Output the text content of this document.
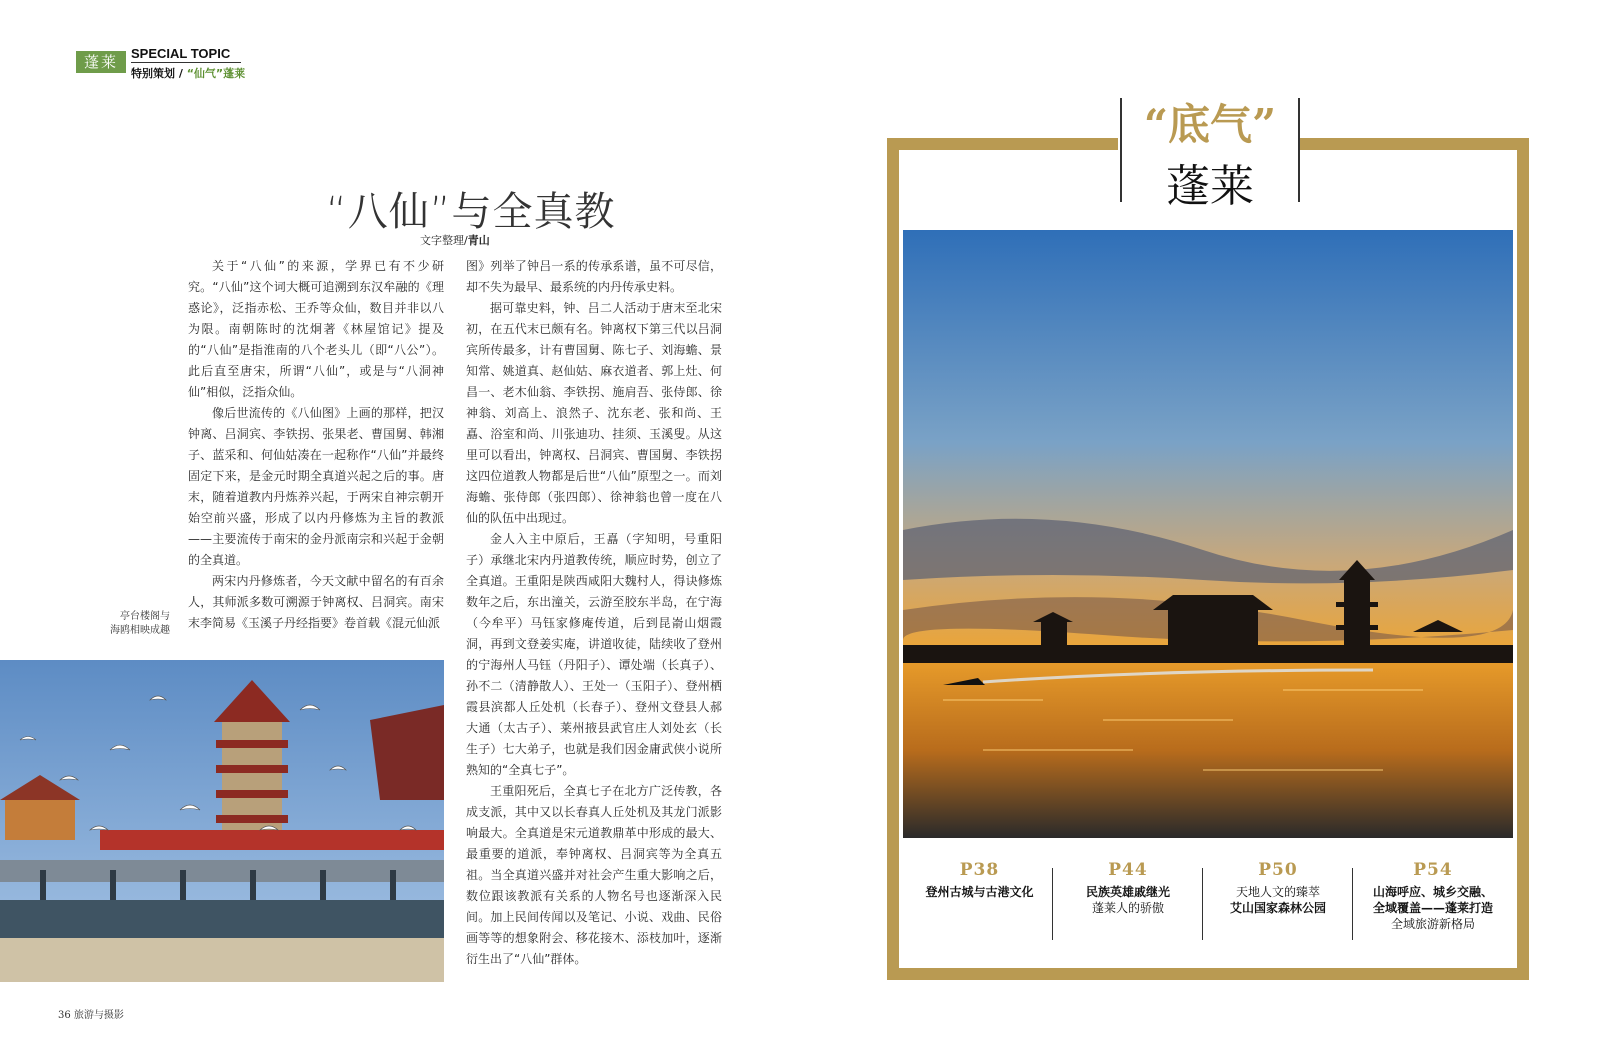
蓬莱	SPECIAL TOPIC
特别策划 / “仙气”蓬莱
“八仙”与全真教
文字整理/青山

关于“八仙”的来源，学界已有不少研究。“八仙”这个词大概可追溯到东汉牟融的《理惑论》，泛指赤松、王乔等众仙，数目并非以八为限。南朝陈时的沈炯著《林屋馆记》提及的“八仙”是指淮南的八个老头儿（即“八公”）。此后直至唐宋，所谓“八仙”，或是与“八洞神仙”相似，泛指众仙。

像后世流传的《八仙图》上画的那样，把汉钟离、吕洞宾、李铁拐、张果老、曹国舅、韩湘子、蓝采和、何仙姑凑在一起称作“八仙”并最终固定下来，是金元时期全真道兴起之后的事。唐末，随着道教内丹炼养兴起，于两宋自神宗朝开始空前兴盛，形成了以内丹修炼为主旨的教派——主要流传于南宋的金丹派南宗和兴起于金朝的全真道。

两宋内丹修炼者，今天文献中留名的有百余人，其师派多数可溯源于钟离权、吕洞宾。南宋末李简易《玉溪子丹经指要》卷首载《混元仙派

图》列举了钟吕一系的传承系谱，虽不可尽信，却不失为最早、最系统的内丹传承史料。

据可靠史料，钟、吕二人活动于唐末至北宋初，在五代末已颇有名。钟离权下第三代以吕洞宾所传最多，计有曹国舅、陈七子、刘海蟾、景知常、姚道真、赵仙姑、麻衣道者、郭上灶、何昌一、老木仙翁、李铁拐、施肩吾、张侍郎、徐神翁、刘高上、浪然子、沈东老、张和尚、王嚞、浴室和尚、川张迪功、挂须、玉溪叟。从这里可以看出，钟离权、吕洞宾、曹国舅、李铁拐这四位道教人物都是后世“八仙”原型之一。而刘海蟾、张侍郎（张四郎）、徐神翁也曾一度在八仙的队伍中出现过。

金人入主中原后，王嚞（字知明，号重阳子）承继北宋内丹道教传统，顺应时势，创立了全真道。王重阳是陕西咸阳大魏村人，得诀修炼数年之后，东出潼关，云游至胶东半岛，在宁海（今牟平）马钰家修庵传道，后到昆嵛山烟霞洞，再到文登姜实庵，讲道收徒，陆续收了登州的宁海州人马钰（丹阳子）、谭处端（长真子）、孙不二（清静散人）、王处一（玉阳子）、登州栖霞县滨都人丘处机（长春子）、登州文登县人郝大通（太古子）、莱州掖县武官庄人刘处玄（长生子）七大弟子，也就是我们因金庸武侠小说所熟知的“全真七子”。

王重阳死后，全真七子在北方广泛传教，各成支派，其中又以长春真人丘处机及其龙门派影响最大。全真道是宋元道教鼎革中形成的最大、最重要的道派，奉钟离权、吕洞宾等为全真五祖。当全真道兴盛并对社会产生重大影响之后，数位跟该教派有关系的人物名号也逐渐深入民间。加上民间传闻以及笔记、小说、戏曲、民俗画等等的想象附会、移花接木、添枝加叶，逐渐衍生出了“八仙”群体。

亭台楼阁与
海鸥相映成趣
36 旅游与摄影
“底气”
蓬莱
P38
登州古城与古港文化
P44
民族英雄戚继光
蓬莱人的骄傲
P50
天地人文的臻萃
艾山国家森林公园
P54
山海呼应、城乡交融、
全域覆盖——蓬莱打造
全域旅游新格局
